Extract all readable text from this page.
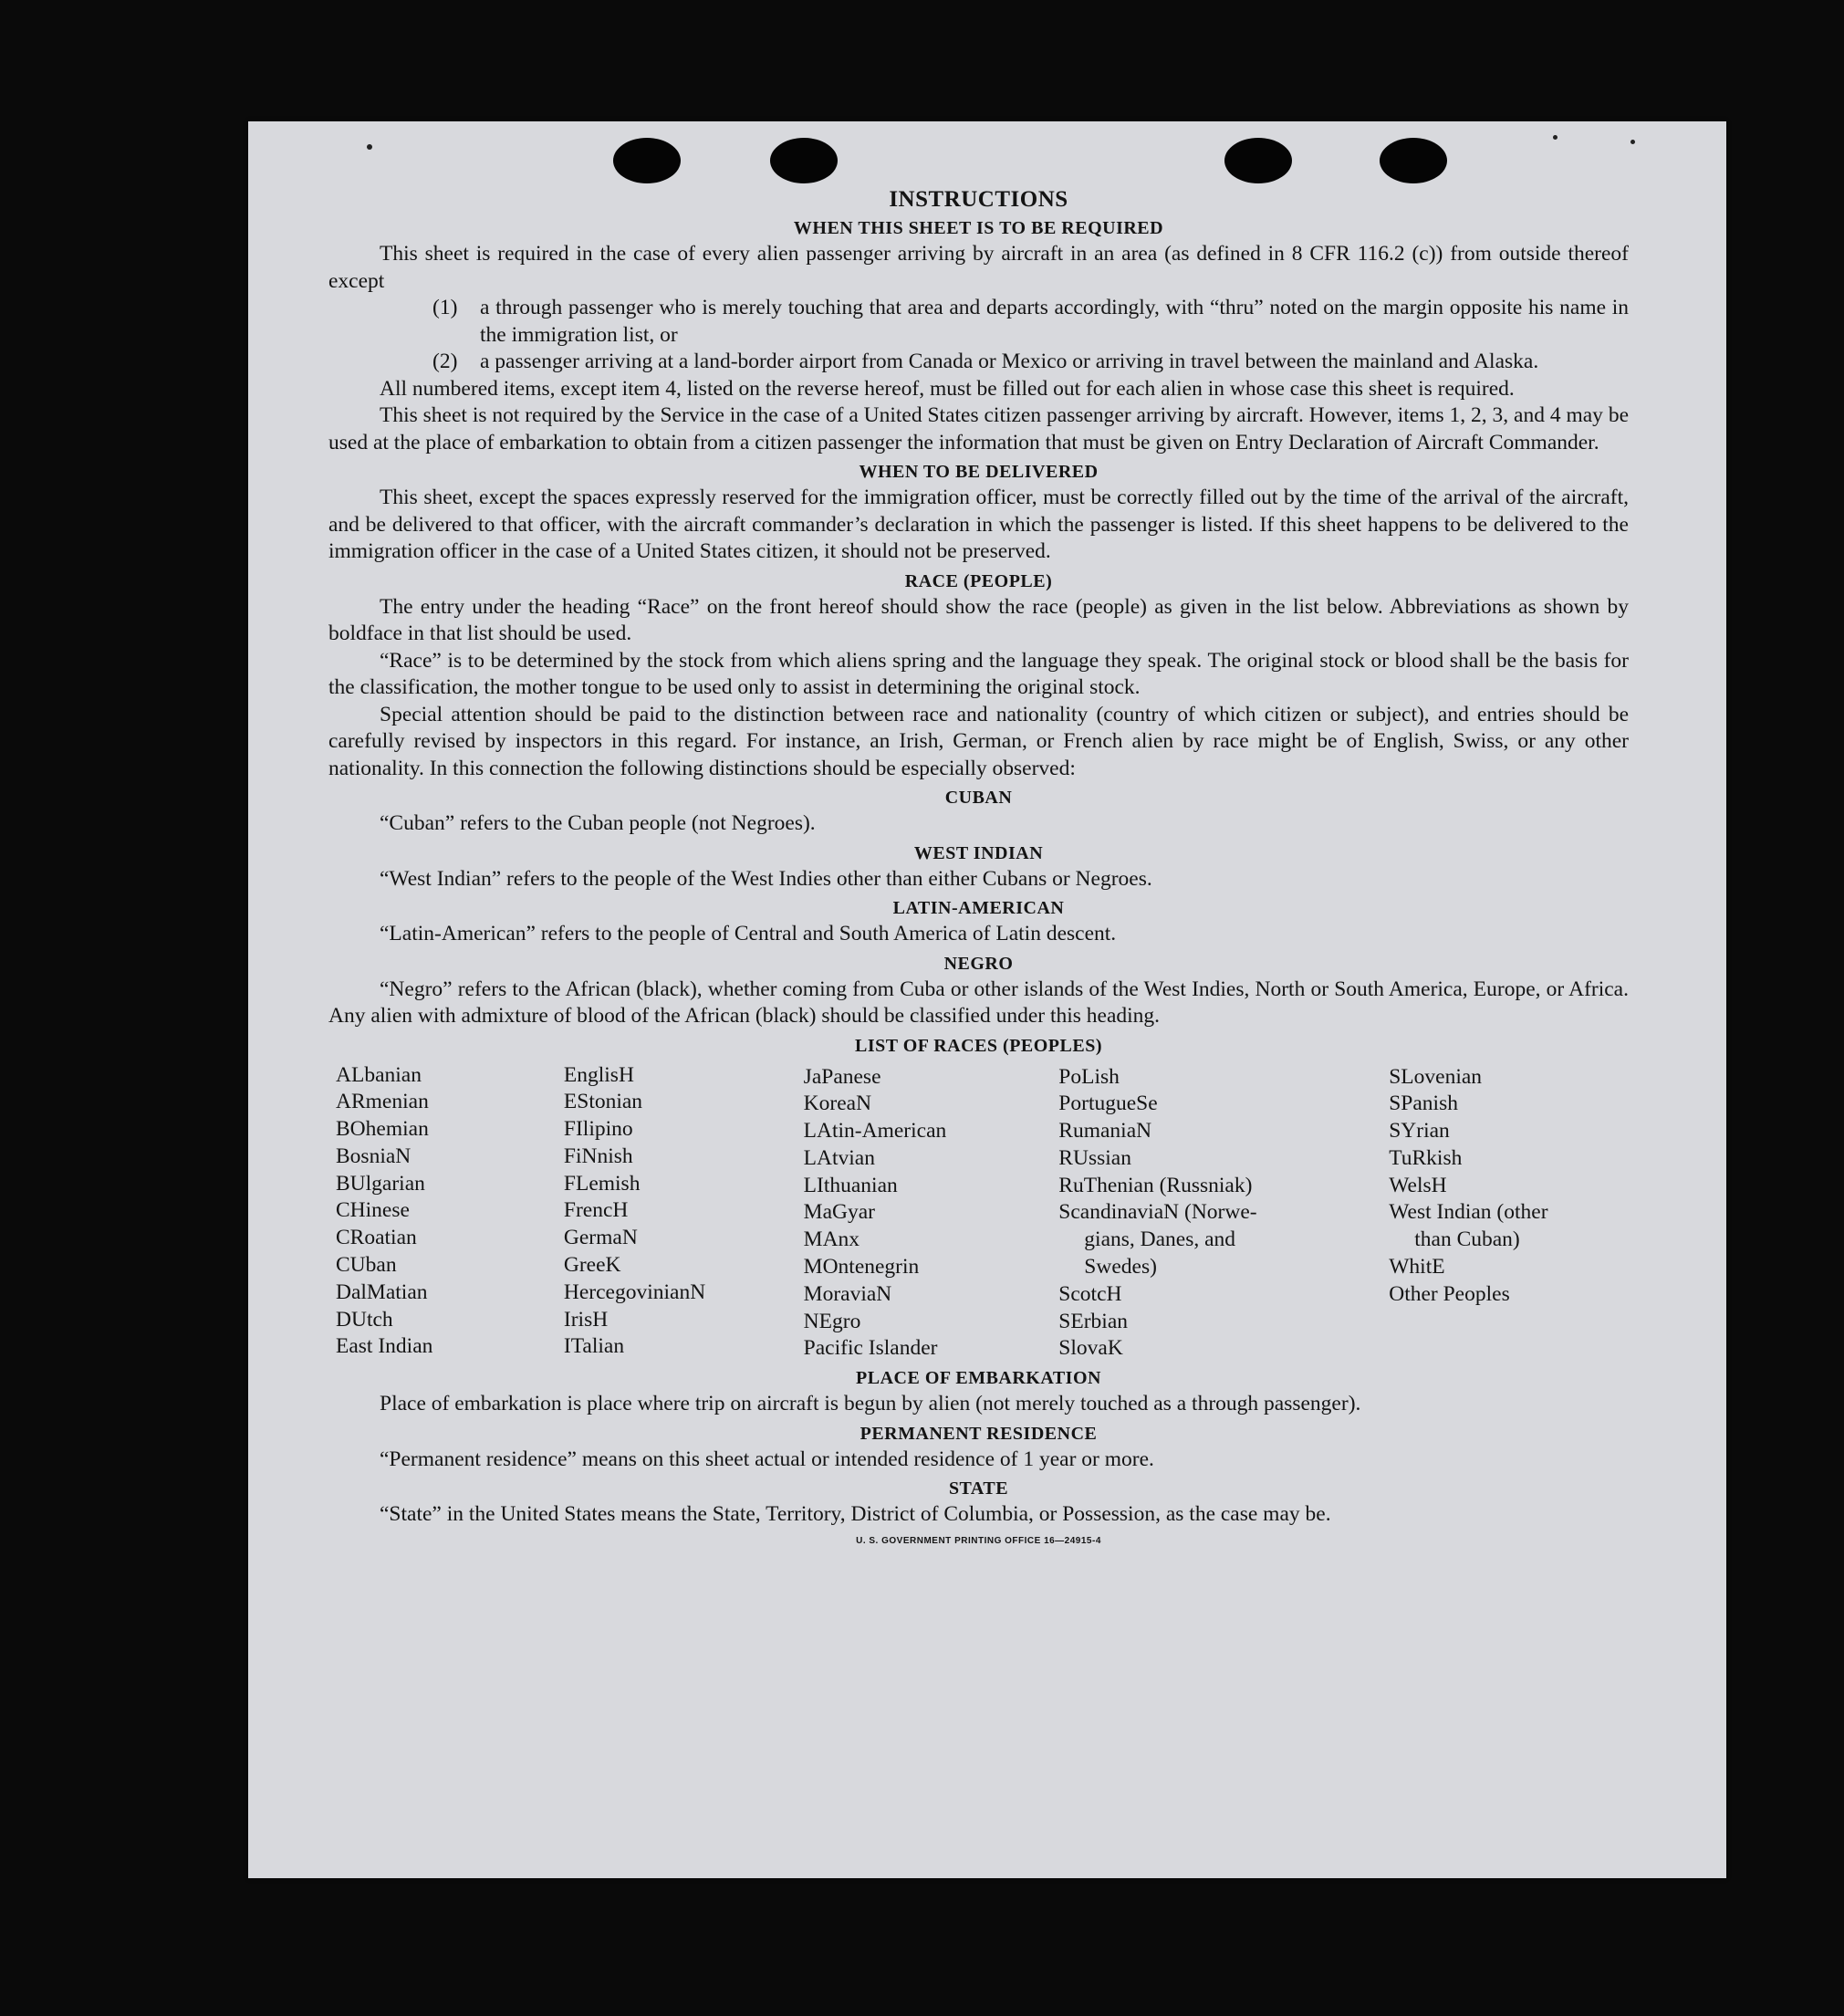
INSTRUCTIONS
WHEN THIS SHEET IS TO BE REQUIRED

This sheet is required in the case of every alien passenger arriving by aircraft in an area (as defined in 8 CFR 116.2 (c)) from outside thereof except

(1)	a through passenger who is merely touching that area and departs accordingly, with “thru” noted on the margin opposite his name in the immigration list, or
(2)	a passenger arriving at a land-border airport from Canada or Mexico or arriving in travel between the mainland and Alaska.

All numbered items, except item 4, listed on the reverse hereof, must be filled out for each alien in whose case this sheet is required.

This sheet is not required by the Service in the case of a United States citizen passenger arriving by aircraft. However, items 1, 2, 3, and 4 may be used at the place of embarkation to obtain from a citizen passenger the information that must be given on Entry Declaration of Aircraft Commander.

WHEN TO BE DELIVERED

This sheet, except the spaces expressly reserved for the immigration officer, must be correctly filled out by the time of the arrival of the aircraft, and be delivered to that officer, with the aircraft commander’s declaration in which the passenger is listed. If this sheet happens to be delivered to the immigration officer in the case of a United States citizen, it should not be preserved.

RACE (PEOPLE)

The entry under the heading “Race” on the front hereof should show the race (people) as given in the list below. Abbreviations as shown by boldface in that list should be used.

“Race” is to be determined by the stock from which aliens spring and the language they speak. The original stock or blood shall be the basis for the classification, the mother tongue to be used only to assist in determining the original stock.

Special attention should be paid to the distinction between race and nationality (country of which citizen or subject), and entries should be carefully revised by inspectors in this regard. For instance, an Irish, German, or French alien by race might be of English, Swiss, or any other nationality. In this connection the following distinctions should be especially observed:

CUBAN

“Cuban” refers to the Cuban people (not Negroes).

WEST INDIAN

“West Indian” refers to the people of the West Indies other than either Cubans or Negroes.

LATIN-AMERICAN

“Latin-American” refers to the people of Central and South America of Latin descent.

NEGRO

“Negro” refers to the African (black), whether coming from Cuba or other islands of the West Indies, North or South America, Europe, or Africa. Any alien with admixture of blood of the African (black) should be classified under this heading.

LIST OF RACES (PEOPLES)
ALbanian
ARmenian
BOhemian
BosniaN
BUlgarian
CHinese
CRoatian
CUban
DalMatian
DUtch
East Indian
EnglisH
EStonian
FIlipino
FiNnish
FLemish
FrencH
GermaN
GreeK
HercegovinianN
IrisH
ITalian
JaPanese
KoreaN
LAtin-American
LAtvian
LIthuanian
MaGyar
MAnx
MOntenegrin
MoraviaN
NEgro
Pacific Islander
PoLish
PortugueSe
RumaniaN
RUssian
RuThenian (Russniak)
ScandinaviaN (Norwe-
gians, Danes, and
Swedes)
ScotcH
SErbian
SlovaK
SLovenian
SPanish
SYrian
TuRkish
WelsH
West Indian (other
than Cuban)
WhitE
Other Peoples
PLACE OF EMBARKATION

Place of embarkation is place where trip on aircraft is begun by alien (not merely touched as a through passenger).

PERMANENT RESIDENCE

“Permanent residence” means on this sheet actual or intended residence of 1 year or more.

STATE

“State” in the United States means the State, Territory, District of Columbia, or Possession, as the case may be.

U. S. GOVERNMENT PRINTING OFFICE 16—24915-4
